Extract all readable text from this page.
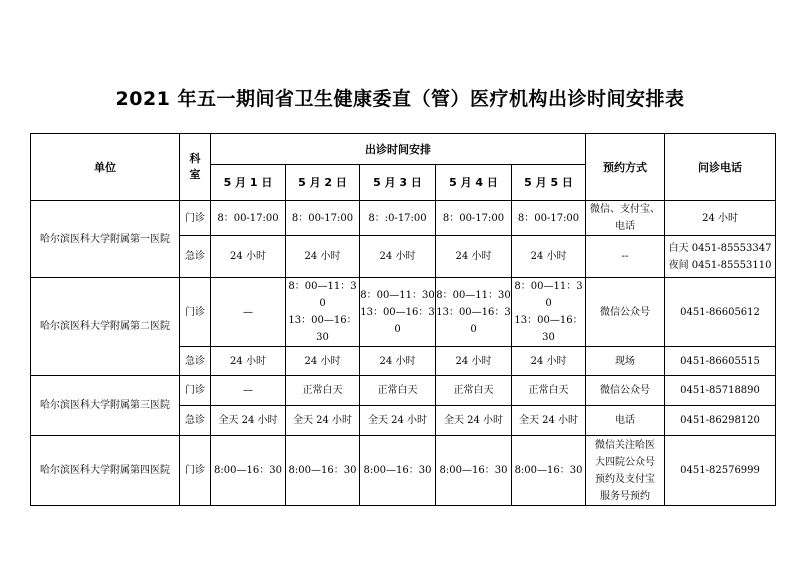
2021 年五一期间省卫生健康委直（管）医疗机构出诊时间安排表
单位	科室	出诊时间安排					预约方式	问诊电话
		5 月 1 日	5 月 2 日	5 月 3 日	5 月 4 日	5 月 5 日		
哈尔滨医科大学附属第一医院	门诊	8：00-17:00	8：00-17:00	8：:0-17:00	8：00-17:00	8：00-17:00	微信、支付宝、
电话	24 小时

	急诊	24 小时	24 小时	24 小时	24 小时	24 小时	--	白天 0451-85553347
夜间 0451-85553110

哈尔滨医科大学附属第二医院	门诊	—	8：00—11：30
13：00—16：30	8：00—11：30
13：00—16：30	8：00—11：30
13：00—16：30	8：00—11：30
13：00—16：30	微信公众号	0451-86605612

	急诊	24 小时	24 小时	24 小时	24 小时	24 小时	现场	0451-86605515

哈尔滨医科大学附属第三医院	门诊	—	正常白天	正常白天	正常白天	正常白天	微信公众号	0451-85718890

	急诊	全天 24 小时	全天 24 小时	全天 24 小时	全天 24 小时	全天 24 小时	电话	0451-86298120

哈尔滨医科大学附属第四医院	门诊	8:00—16：30	8:00—16：30	8:00—16：30	8:00—16：30	8:00—16：30	微信关注哈医
大四院公众号
预约及支付宝
服务号预约	0451-82576999
